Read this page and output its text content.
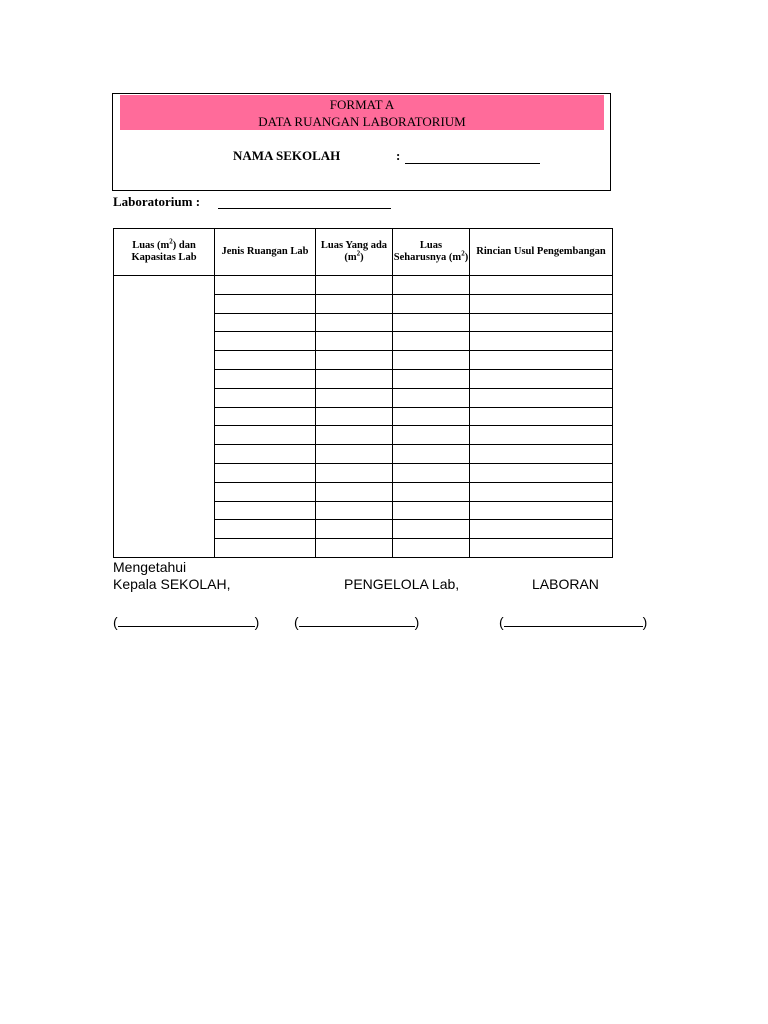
FORMAT A
DATA RUANGAN LABORATORIUM
NAMA SEKOLAH	:
Laboratorium :
Luas $(m^2)$ dan Kapasitas Lab	Jenis Ruangan Lab	Luas Yang ada $(m^2)$	Luas Seharusnya $(m^2)$	Rincian Usul Pengembangan

Mengetahui
Kepala SEKOLAH,	PENGELOLA Lab,	LABORAN
(	) (	)	(	)
